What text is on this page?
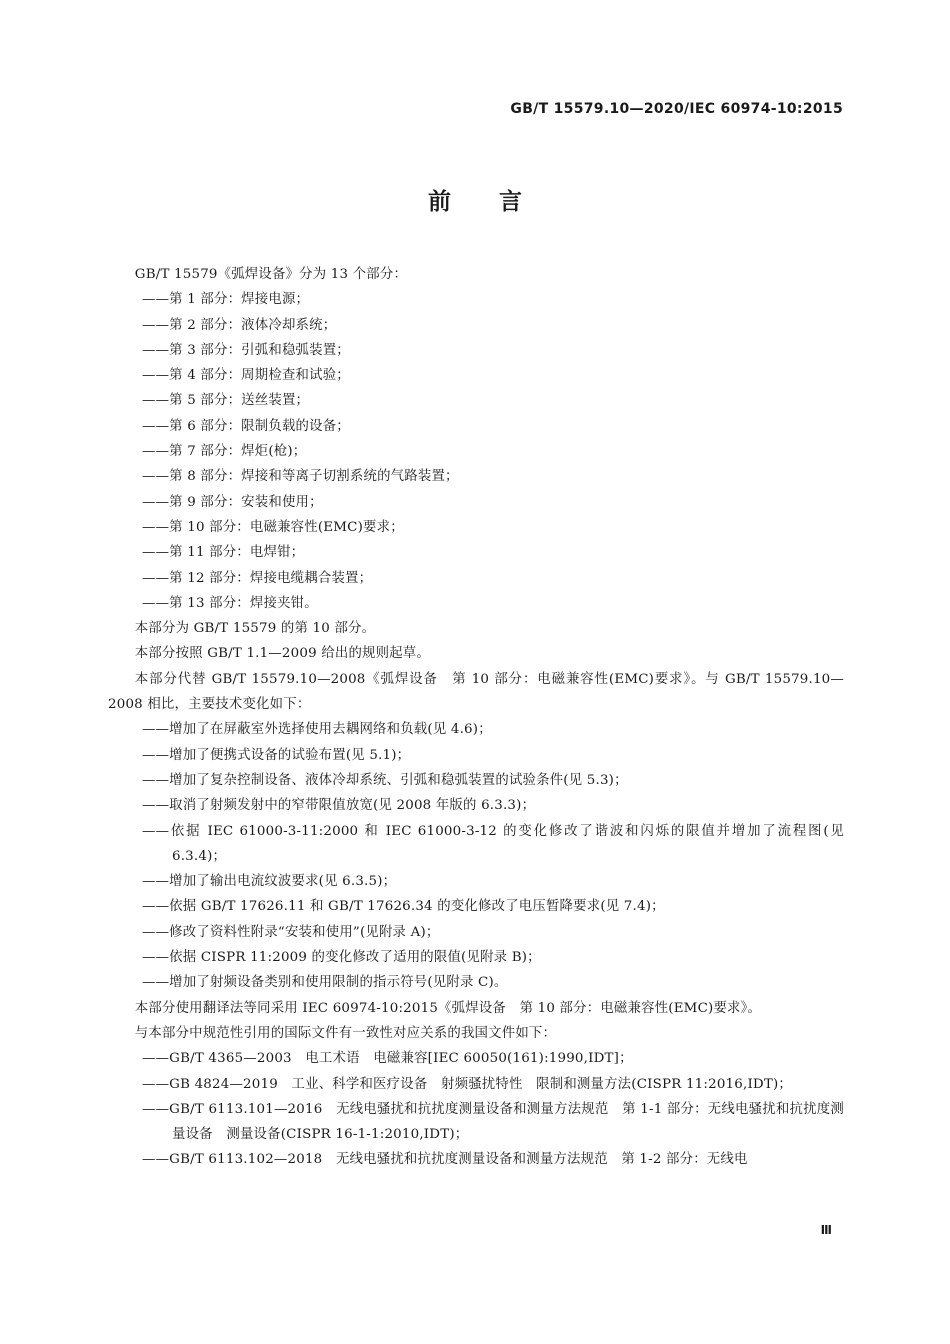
GB/T 15579.10—2020/IEC 60974-10:2015
前言

GB/T 15579《弧焊设备》分为 13 个部分：

——第 1 部分：焊接电源；

——第 2 部分：液体冷却系统；

——第 3 部分：引弧和稳弧装置；

——第 4 部分：周期检查和试验；

——第 5 部分：送丝装置；

——第 6 部分：限制负载的设备；

——第 7 部分：焊炬(枪)；

——第 8 部分：焊接和等离子切割系统的气路装置；

——第 9 部分：安装和使用；

——第 10 部分：电磁兼容性(EMC)要求；

——第 11 部分：电焊钳；

——第 12 部分：焊接电缆耦合装置；

——第 13 部分：焊接夹钳。

本部分为 GB/T 15579 的第 10 部分。

本部分按照 GB/T 1.1—2009 给出的规则起草。

本部分代替 GB/T 15579.10—2008《弧焊设备　第 10 部分：电磁兼容性(EMC)要求》。与 GB/T 15579.10—2008 相比，主要技术变化如下：

——增加了在屏蔽室外选择使用去耦网络和负载(见 4.6)；

——增加了便携式设备的试验布置(见 5.1)；

——增加了复杂控制设备、液体冷却系统、引弧和稳弧装置的试验条件(见 5.3)；

——取消了射频发射中的窄带限值放宽(见 2008 年版的 6.3.3)；

——依据 IEC 61000-3-11:2000 和 IEC 61000-3-12 的变化修改了谐波和闪烁的限值并增加了流程图(见 6.3.4)；

——增加了输出电流纹波要求(见 6.3.5)；

——依据 GB/T 17626.11 和 GB/T 17626.34 的变化修改了电压暂降要求(见 7.4)；

——修改了资料性附录“安装和使用”(见附录 A)；

——依据 CISPR 11:2009 的变化修改了适用的限值(见附录 B)；

——增加了射频设备类别和使用限制的指示符号(见附录 C)。

本部分使用翻译法等同采用 IEC 60974-10:2015《弧焊设备　第 10 部分：电磁兼容性(EMC)要求》。

与本部分中规范性引用的国际文件有一致性对应关系的我国文件如下：

——GB/T 4365—2003　电工术语　电磁兼容[IEC 60050(161):1990,IDT]；

——GB 4824—2019　工业、科学和医疗设备　射频骚扰特性　限制和测量方法(CISPR 11:2016,IDT)；

——GB/T 6113.101—2016　无线电骚扰和抗扰度测量设备和测量方法规范　第 1-1 部分：无线电骚扰和抗扰度测量设备　测量设备(CISPR 16-1-1:2010,IDT)；

——GB/T 6113.102—2018　无线电骚扰和抗扰度测量设备和测量方法规范　第 1-2 部分：无线电

Ⅲ
